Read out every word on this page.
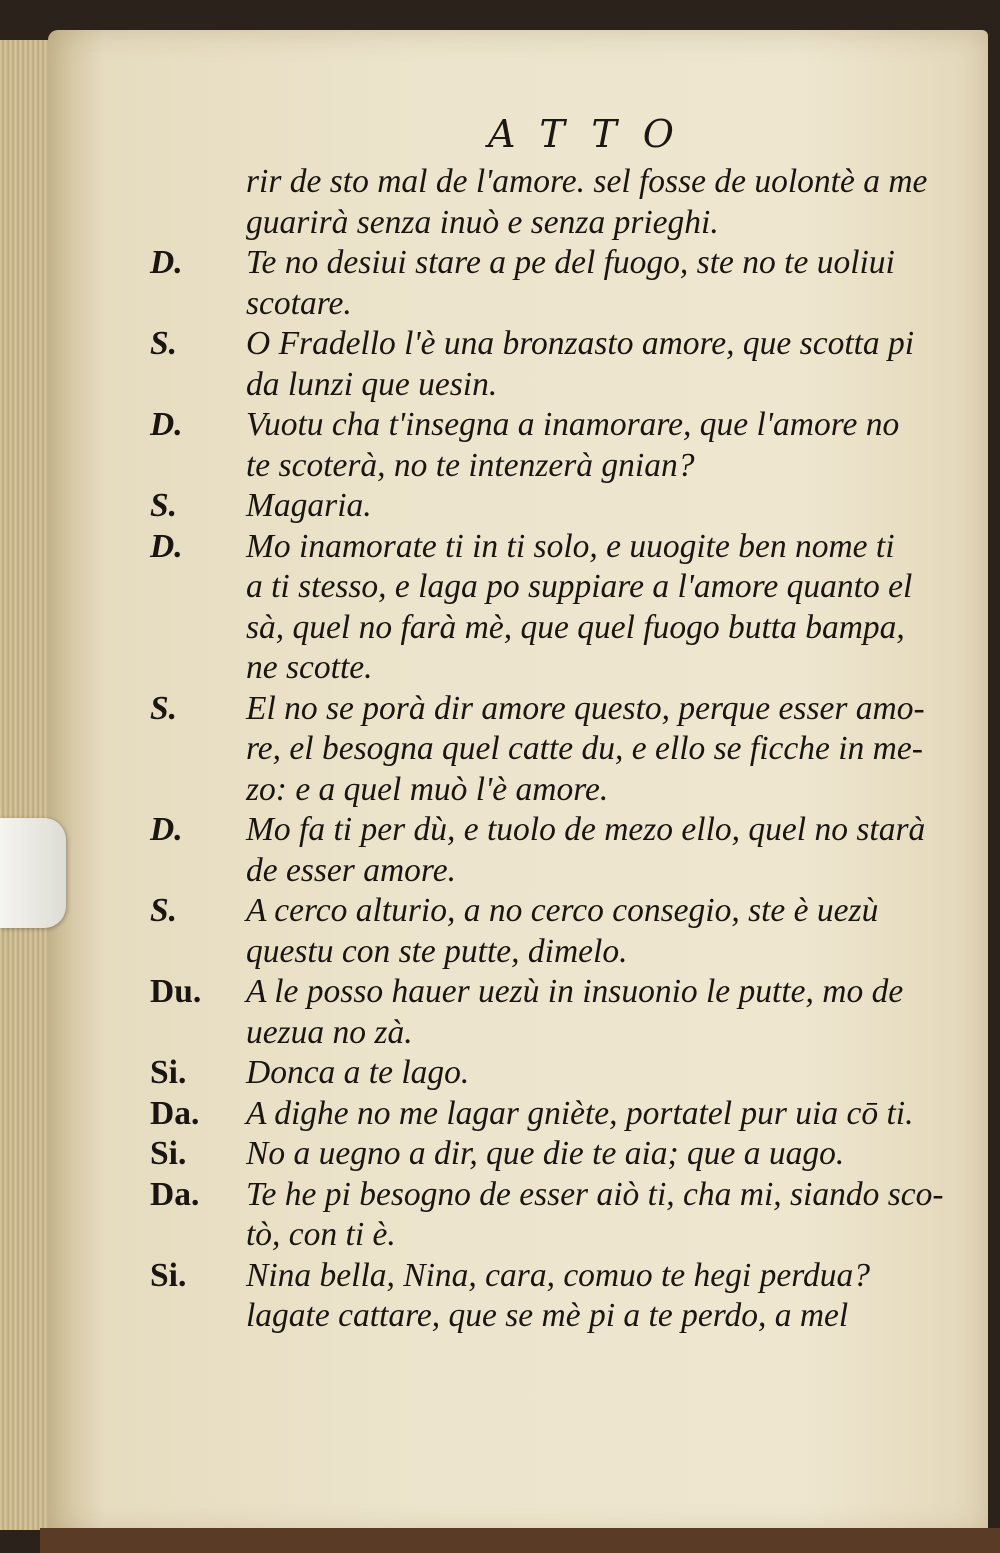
ATTO

rir de sto mal de l'amore. sel fosse de uolontè a me

guarirà senza inuò e senza prieghi.

D.	Te no desiui stare a pe del fuogo, ste no te uoliui

scotare.

S.	O Fradello l'è una bronzasto amore, que scotta pi

da lunzi que uesin.

D.	Vuotu cha t'insegna a inamorare, que l'amore no

te scoterà, no te intenzerà gnian?

S.	Magaria.

D.	Mo inamorate ti in ti solo, e uuogite ben nome ti

a ti stesso, e laga po suppiare a l'amore quanto el

sà, quel no farà mè, que quel fuogo butta bampa,

ne scotte.

S.	El no se porà dir amore questo, perque esser amo-

re, el besogna quel catte du, e ello se ficche in me-

zo: e a quel muò l'è amore.

D.	Mo fa ti per dù, e tuolo de mezo ello, quel no starà

de esser amore.

S.	A cerco alturio, a no cerco consegio, ste è uezù

questu con ste putte, dimelo.

Du.	A le posso hauer uezù in insuonio le putte, mo de

uezua no zà.

Si.	Donca a te lago.

Da.	A dighe no me lagar gniète, portatel pur uia cō ti.

Si.	No a uegno a dir, que die te aia; que a uago.

Da.	Te he pi besogno de esser aiò ti, cha mi, siando sco-

tò, con ti è.

Si.	Nina bella, Nina, cara, comuo te hegi perdua?

lagate cattare, que se mè pi a te perdo, a mel
